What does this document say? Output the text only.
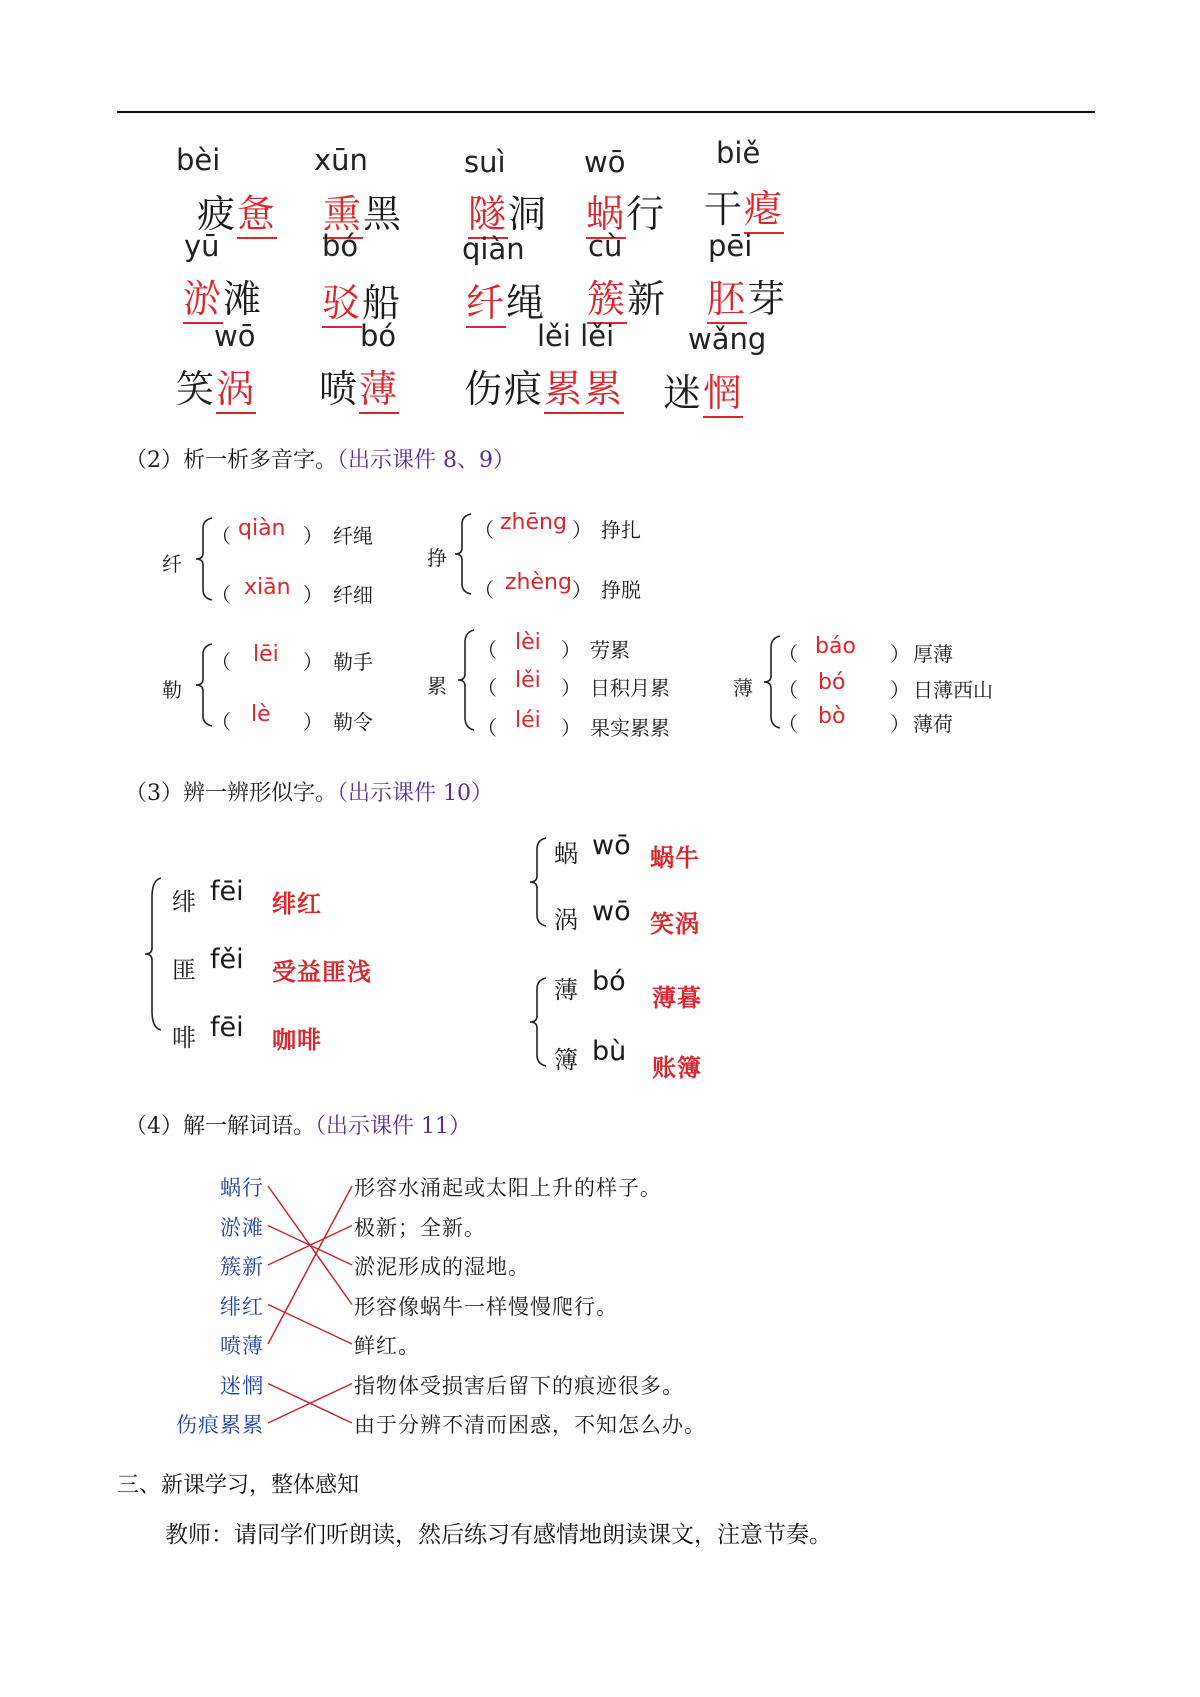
bèi
疲惫
xūn
熏黑
suì
隧洞
wō
蜗行
biě
干瘪
yū
淤滩
bó
驳船
qiàn
纤绳
cù
簇新
pēi
胚芽
wō
笑涡
bó
喷薄
lěi lěi
伤痕累累
wǎng
迷惘
（2）析一析多音字。（出示课件 8、9）
纤
（ qiàn ） 纤绳
（ xiān ） 纤细
挣
（ zhēng ） 挣扎
（ zhèng ） 挣脱
勒
（ lēi ） 勒手
（ lè ） 勒令
累
（ lèi ） 劳累
（ lěi ） 日积月累
（ léi ） 果实累累
薄
（ báo ） 厚薄
（ bó ） 日薄西山
（ bò ） 薄荷
（3）辨一辨形似字。（出示课件 10）
绯 fēi 绯红
匪 fěi 受益匪浅
啡 fēi 咖啡
蜗 wō 蜗牛
涡 wō 笑涡
薄 bó
薄暮
簿 bù
账簿
（4）解一解词语。（出示课件 11）
蜗行
淤滩
簇新
绯红
喷薄
迷惘
伤痕累累
形容水涌起或太阳上升的样子。
极新；全新。
淤泥形成的湿地。
形容像蜗牛一样慢慢爬行。
鲜红。
指物体受损害后留下的痕迹很多。
由于分辨不清而困惑，不知怎么办。
三、新课学习，整体感知
教师：请同学们听朗读，然后练习有感情地朗读课文，注意节奏。
